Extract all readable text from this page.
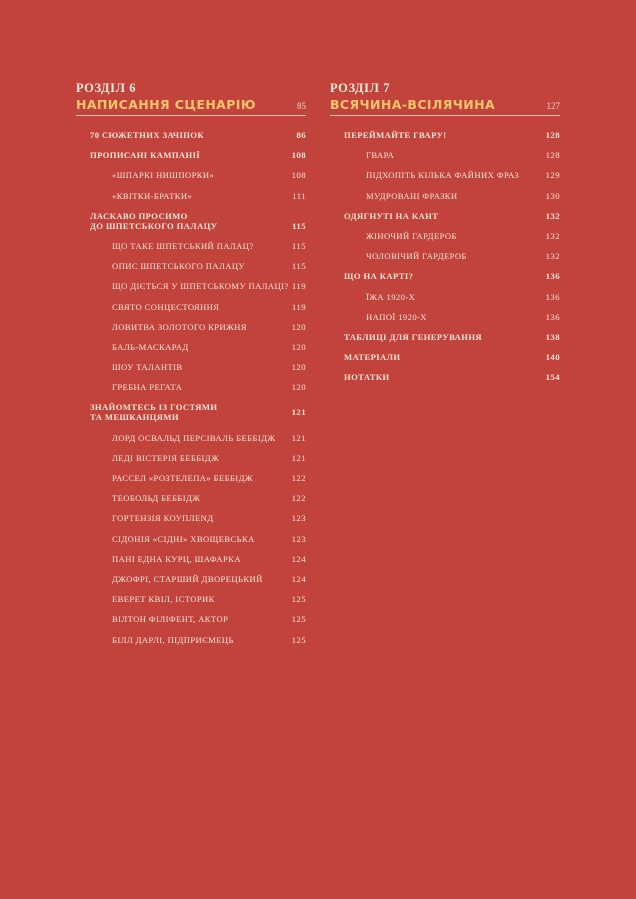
РОЗДІЛ 6
НАПИСАННЯ СЦЕНАРІЮ	85
70 СЮЖЕТНИХ ЗАЧІПОК	86
ПРОПИСАНІ КАМПАНІЇ	108
«ШПАРКІ НИШПОРКИ»	108
«КВІТКИ-БРАТКИ»	111
ЛАСКАВО ПРОСИМО
ДО ШПЕТСЬКОГО ПАЛАЦУ	115
ЩО ТАКЕ ШПЕТСЬКИЙ ПАЛАЦ?	115
ОПИС ШПЕТСЬКОГО ПАЛАЦУ	115
ЩО ДІЄТЬСЯ У ШПЕТСЬКОМУ ПАЛАЦІ? 119
СВЯТО СОНЦЕСТОЯННЯ	119
ЛОВИТВА ЗОЛОТОГО КРИЖНЯ	120
БАЛЬ-МАСКАРАД	120
ШОУ ТАЛАНТІВ	120
ГРЕБНА РЕГАТА	120
ЗНАЙОМТЕСЬ ІЗ ГОСТЯМИ
ТА МЕШКАНЦЯМИ	121
ЛОРД ОСВАЛЬД ПЕРСІВАЛЬ БЕББІДЖ 121
ЛЕДІ ВІСТЕРІЯ БЕББІДЖ	121
РАССЕЛ «РОЗТЕЛЕПА» БЕББІДЖ	122
ТЕОБОЛЬД БЕББІДЖ	122
ГОРТЕНЗІЯ КОУПЛENД	123
СІДОНІЯ «СІДНІ» ХВОЩЕВСЬКА	123
ПАНІ ЕДНА КУРЦ, ШАФАРКА	124
ДЖОФРІ, СТАРШИЙ ДВОРЕЦЬКИЙ	124
ЕВЕРЕТ КВІЛ, ІСТОРИК	125
ВІЛТОН ФІЛІФЕНТ, АКТОР	125
БІЛЛ ДАРЛІ, ПІДПРИЄМЕЦЬ	125
РОЗДІЛ 7
ВСЯЧИНА-ВСІЛЯЧИНА	127
ПЕРЕЙМАЙТЕ ГВАРУ!	128
ГВАРА	128
ПІДХОПІТЬ КІЛЬКА ФАЙНИХ ФРАЗ	129
МУДРОВАНІ ФРАЗКИ	130
ОДЯГНУТІ НА КАНТ	132
ЖІНОЧИЙ ГАРДЕРОБ	132
ЧОЛОВІЧИЙ ГАРДЕРОБ	132
ЩО НА КАРТІ?	136
ЇЖА 1920-Х	136
НАПОЇ 1920-Х	136
ТАБЛИЦІ ДЛЯ ГЕНЕРУВАННЯ	138
МАТЕРІАЛИ	140
НОТАТКИ	154
